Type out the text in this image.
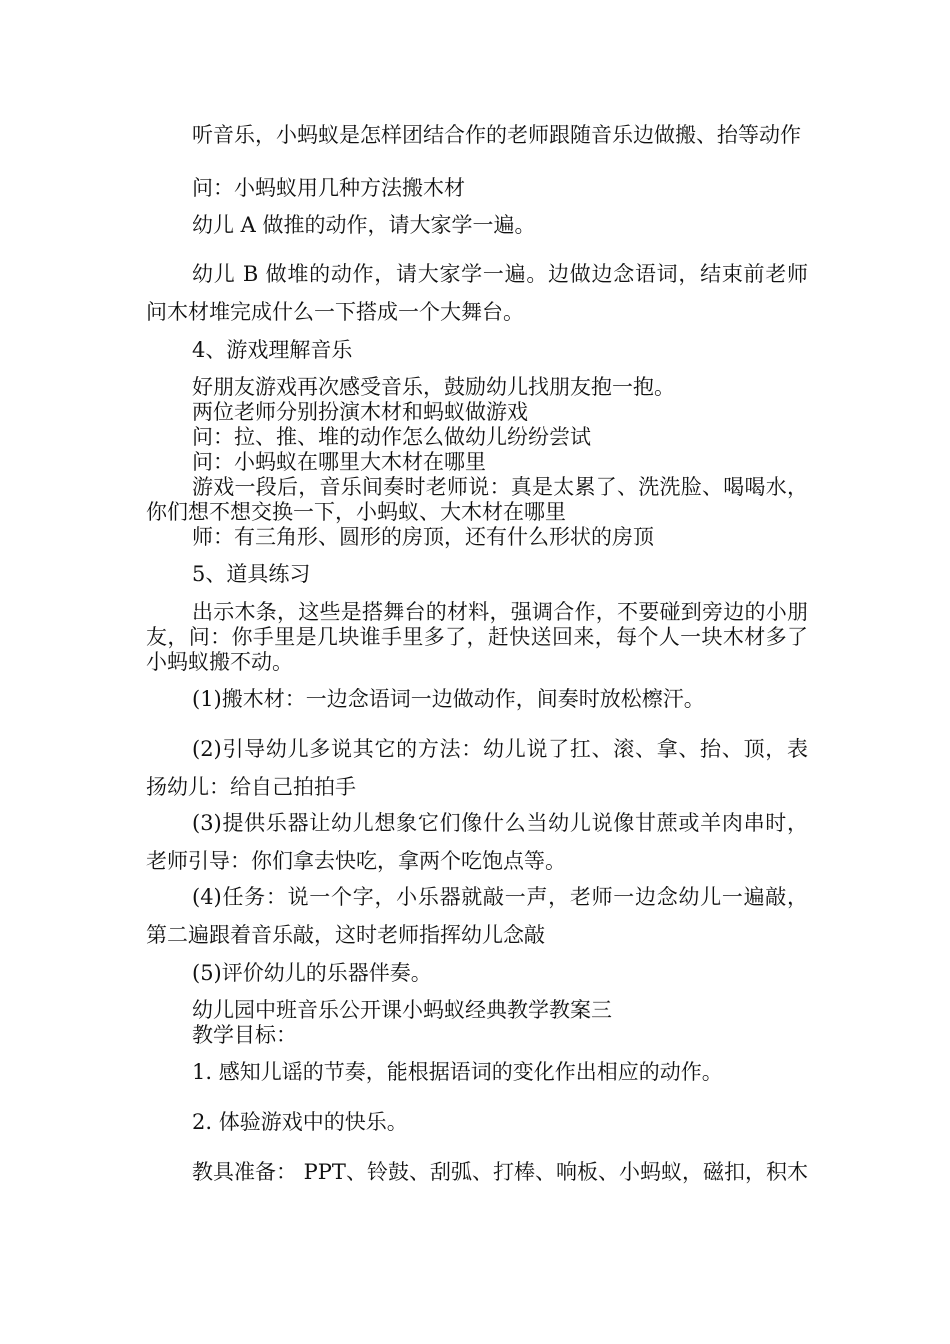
听音乐，小蚂蚁是怎样团结合作的老师跟随音乐边做搬、抬等动作

问：小蚂蚁用几种方法搬木材

幼儿 A 做推的动作，请大家学一遍。

幼儿 B 做堆的动作，请大家学一遍。边做边念语词，结束前老师问木材堆完成什么一下搭成一个大舞台。

4、游戏理解音乐

好朋友游戏再次感受音乐，鼓励幼儿找朋友抱一抱。

两位老师分别扮演木材和蚂蚁做游戏

问：拉、推、堆的动作怎么做幼儿纷纷尝试

问：小蚂蚁在哪里大木材在哪里

游戏一段后，音乐间奏时老师说：真是太累了、洗洗脸、喝喝水，你们想不想交换一下，小蚂蚁、大木材在哪里

师：有三角形、圆形的房顶，还有什么形状的房顶

5、道具练习

出示木条，这些是搭舞台的材料，强调合作，不要碰到旁边的小朋友，问：你手里是几块谁手里多了，赶快送回来，每个人一块木材多了小蚂蚁搬不动。

(1)搬木材：一边念语词一边做动作，间奏时放松檫汗。

(2)引导幼儿多说其它的方法：幼儿说了扛、滚、拿、抬、顶，表扬幼儿：给自己拍拍手

(3)提供乐器让幼儿想象它们像什么当幼儿说像甘蔗或羊肉串时，老师引导：你们拿去快吃，拿两个吃饱点等。

(4)任务：说一个字，小乐器就敲一声，老师一边念幼儿一遍敲，第二遍跟着音乐敲，这时老师指挥幼儿念敲

(5)评价幼儿的乐器伴奏。

幼儿园中班音乐公开课小蚂蚁经典教学教案三

教学目标：

1. 感知儿谣的节奏，能根据语词的变化作出相应的动作。

2. 体验游戏中的快乐。

教具准备： PPT、铃鼓、刮弧、打棒、响板、小蚂蚁，磁扣，积木
